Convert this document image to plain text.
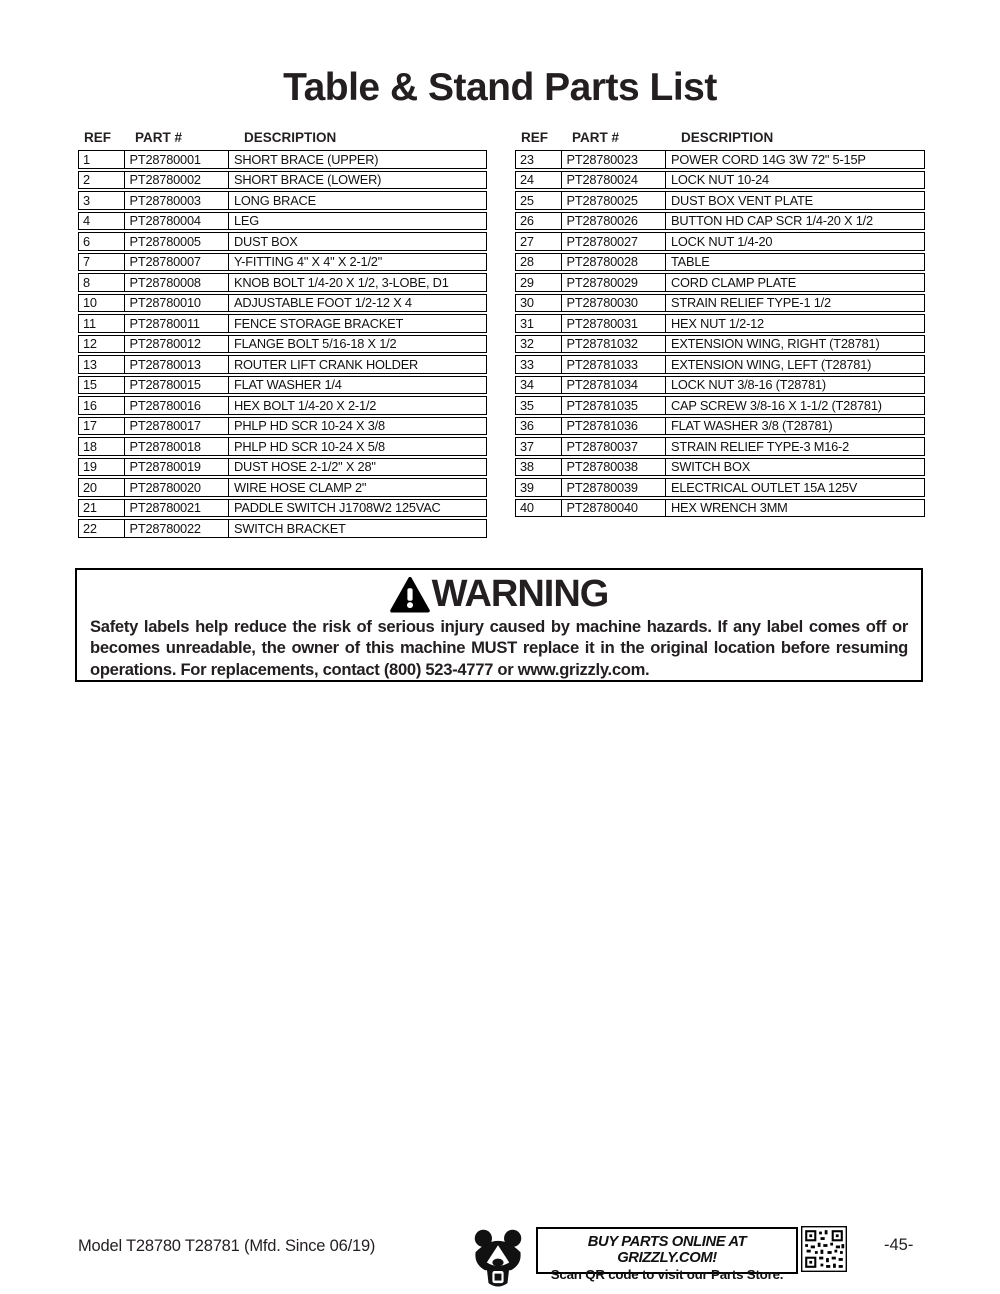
Table & Stand Parts List
REF	PART #	DESCRIPTION
1	PT28780001	SHORT BRACE (UPPER)
2	PT28780002	SHORT BRACE (LOWER)
3	PT28780003	LONG BRACE
4	PT28780004	LEG
6	PT28780005	DUST BOX
7	PT28780007	Y-FITTING 4" X 4" X 2-1/2"
8	PT28780008	KNOB BOLT 1/4-20 X 1/2, 3-LOBE, D1
10	PT28780010	ADJUSTABLE FOOT 1/2-12 X 4
11	PT28780011	FENCE STORAGE BRACKET
12	PT28780012	FLANGE BOLT 5/16-18 X 1/2
13	PT28780013	ROUTER LIFT CRANK HOLDER
15	PT28780015	FLAT WASHER 1/4
16	PT28780016	HEX BOLT 1/4-20 X 2-1/2
17	PT28780017	PHLP HD SCR 10-24 X 3/8
18	PT28780018	PHLP HD SCR 10-24 X 5/8
19	PT28780019	DUST HOSE 2-1/2" X 28"
20	PT28780020	WIRE HOSE CLAMP 2"
21	PT28780021	PADDLE SWITCH J1708W2 125VAC
22	PT28780022	SWITCH BRACKET
REF	PART #	DESCRIPTION
23	PT28780023	POWER CORD 14G 3W 72" 5-15P
24	PT28780024	LOCK NUT 10-24
25	PT28780025	DUST BOX VENT PLATE
26	PT28780026	BUTTON HD CAP SCR 1/4-20 X 1/2
27	PT28780027	LOCK NUT 1/4-20
28	PT28780028	TABLE
29	PT28780029	CORD CLAMP PLATE
30	PT28780030	STRAIN RELIEF TYPE-1 1/2
31	PT28780031	HEX NUT 1/2-12
32	PT28781032	EXTENSION WING, RIGHT (T28781)
33	PT28781033	EXTENSION WING, LEFT (T28781)
34	PT28781034	LOCK NUT 3/8-16 (T28781)
35	PT28781035	CAP SCREW 3/8-16 X 1-1/2 (T28781)
36	PT28781036	FLAT WASHER 3/8 (T28781)
37	PT28780037	STRAIN RELIEF TYPE-3 M16-2
38	PT28780038	SWITCH BOX
39	PT28780039	ELECTRICAL OUTLET 15A 125V
40	PT28780040	HEX WRENCH 3MM
WARNING
Safety labels help reduce the risk of serious injury caused by machine hazards. If any label comes off or becomes unreadable, the owner of this machine MUST replace it in the original location before resuming operations. For replacements, contact (800) 523-4777 or www.grizzly.com.
Model T28780 T28781 (Mfd. Since 06/19)	BUY PARTS ONLINE AT GRIZZLY.COM!
Scan QR code to visit our Parts Store.
-45-
